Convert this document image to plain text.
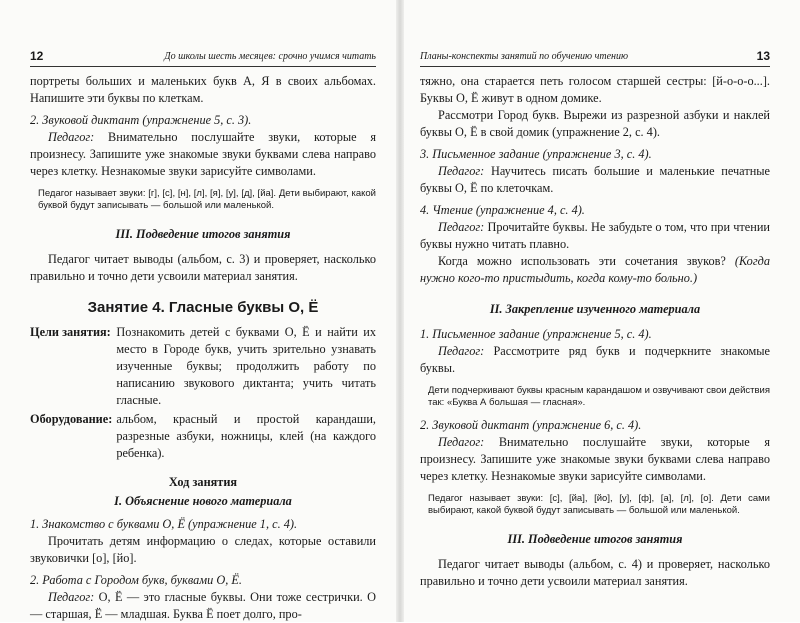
12	До школы шесть месяцев: срочно учимся читать

портреты больших и маленьких букв А, Я в своих альбомах. Напишите эти буквы по клеткам.

2. Звуковой диктант (упражнение 5, с. 3).

Педагог: Внимательно послушайте звуки, которые я произнесу. Запишите уже знакомые звуки буквами слева направо через клетку. Незнакомые звуки зарисуйте символами.

Педагог называет звуки: [г], [с], [н], [л], [я], [у], [д], [йа]. Дети выбирают, какой буквой будут записывать — большой или маленькой.

III. Подведение итогов занятия

Педагог читает выводы (альбом, с. 3) и проверяет, насколько правильно и точно дети усвоили материал занятия.

Занятие 4. Гласные буквы О, Ё

Цели занятия: Познакомить детей с буквами О, Ё и найти их место в Городе букв, учить зрительно узнавать изученные буквы; продолжить работу по написанию звукового диктанта; учить читать гласные.
Оборудование: альбом, красный и простой карандаши, разрезные азбуки, ножницы, клей (на каждого ребенка).

Ход занятия

I. Объяснение нового материала

1. Знакомство с буквами О, Ё (упражнение 1, с. 4).

Прочитать детям информацию о следах, которые оставили звуковички [о], [йо].

2. Работа с Городом букв, буквами О, Ё.

Педагог: О, Ё — это гласные буквы. Они тоже сестрички. О — старшая, Ё — младшая. Буква Ё поет долго, про-

Планы-конспекты занятий по обучению чтению	13

тяжно, она старается петь голосом старшей сестры: [й-о-о-о...]. Буквы О, Ё живут в одном домике.

Рассмотри Город букв. Вырежи из разрезной азбуки и наклей буквы О, Ё в свой домик (упражнение 2, с. 4).

3. Письменное задание (упражнение 3, с. 4).

Педагог: Научитесь писать большие и маленькие печатные буквы О, Ё по клеточкам.

4. Чтение (упражнение 4, с. 4).

Педагог: Прочитайте буквы. Не забудьте о том, что при чтении буквы нужно читать плавно.

Когда можно использовать эти сочетания звуков? (Когда нужно кого-то пристыдить, когда кому-то больно.)

II. Закрепление изученного материала

1. Письменное задание (упражнение 5, с. 4).

Педагог: Рассмотрите ряд букв и подчеркните знакомые буквы.

Дети подчеркивают буквы красным карандашом и озвучивают свои действия так: «Буква А большая — гласная».

2. Звуковой диктант (упражнение 6, с. 4).

Педагог: Внимательно послушайте звуки, которые я произнесу. Запишите уже знакомые звуки буквами слева направо через клетку. Незнакомые звуки зарисуйте символами.

Педагог называет звуки: [с], [йа], [йо], [у], [ф], [а], [л], [о]. Дети сами выбирают, какой буквой будут записывать — большой или маленькой.

III. Подведение итогов занятия

Педагог читает выводы (альбом, с. 4) и проверяет, насколько правильно и точно дети усвоили материал занятия.
